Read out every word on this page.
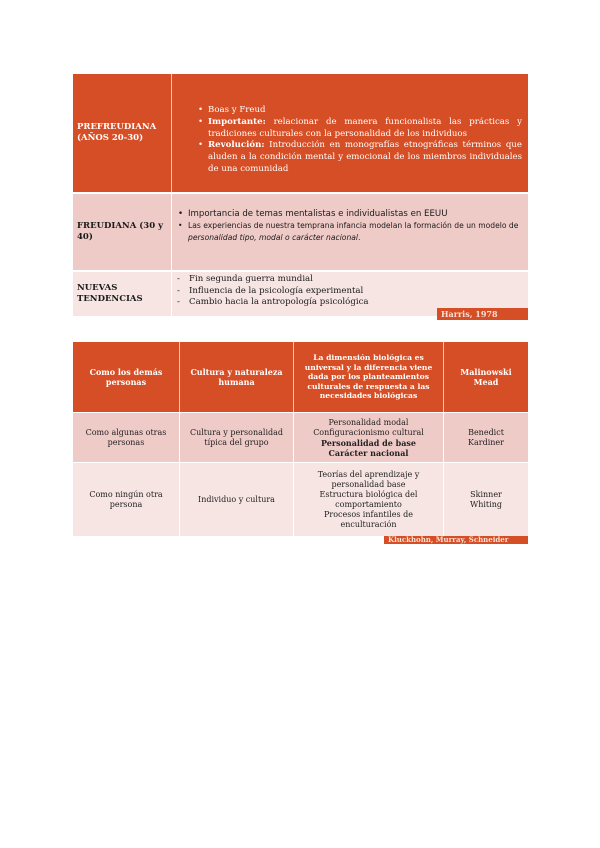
PREFREUDIANA (AÑOS 20-30)
• Boas y Freud
• Importante: relacionar de manera funcionalista las prácticas y tradiciones culturales con la personalidad de los individuos
• Revolución: Introducción en monografías etnográficas términos que aluden a la condición mental y emocional de los miembros individuales de una comunidad
FREUDIANA (30 y 40)
• Importancia de temas mentalistas e individualistas en EEUU
• Las experiencias de nuestra temprana infancia modelan la formación de un modelo de personalidad tipo, modal o carácter nacional.
NUEVAS TENDENCIAS
- Fin segunda guerra mundial
- Influencia de la psicología experimental
- Cambio hacia la antropología psicológica
Harris, 1978
Como los demás personas
Cultura y naturaleza humana
La dimensión biológica es universal y la diferencia viene dada por los planteamientos culturales de respuesta a las necesidades biológicas
Malinowski Mead
Como algunas otras personas
Cultura y personalidad típica del grupo
Personalidad modal
Configuracionismo cultural
Personalidad de base
Carácter nacional
Benedict Kardiner
Como ningún otra persona
Individuo y cultura
Teorías del aprendizaje y personalidad base
Estructura biológica del comportamiento
Procesos infantiles de enculturación
Skinner Whiting
Kluckhohn, Murray, Schneider
